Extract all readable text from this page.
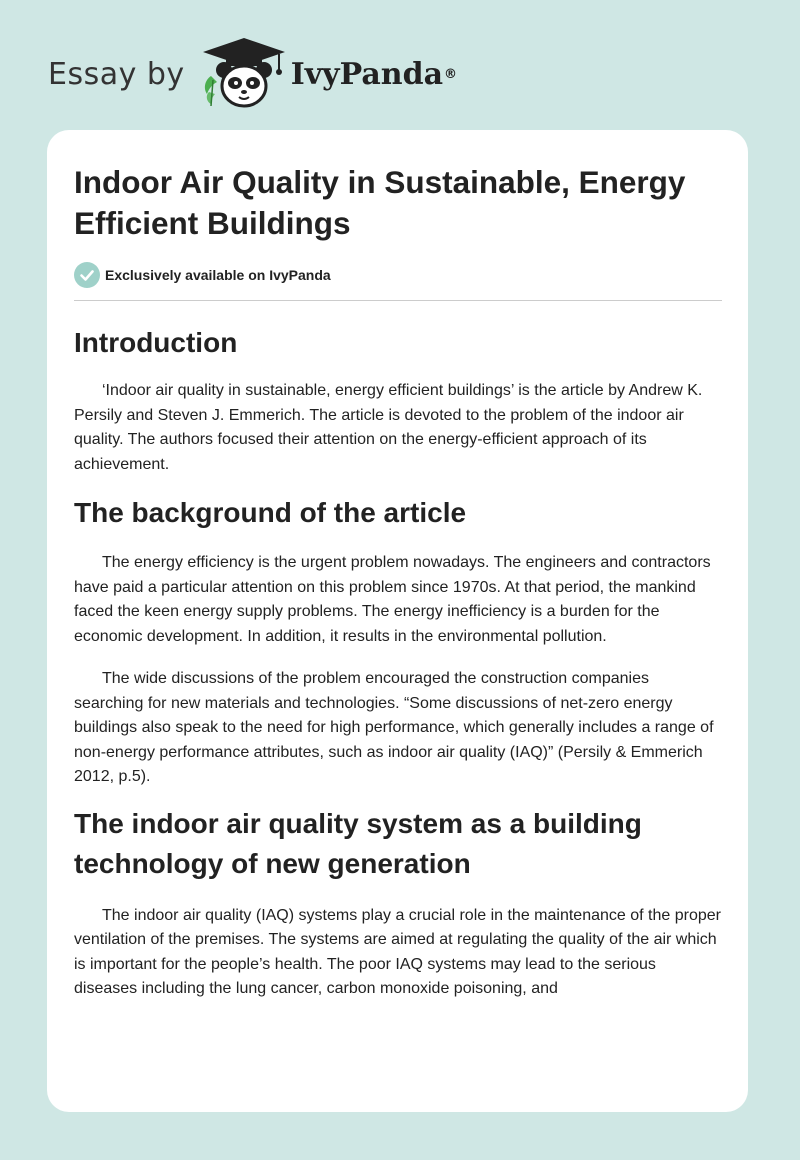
Essay by	IvyPanda ®
Indoor Air Quality in Sustainable, Energy Efficient Buildings
Exclusively available on IvyPanda
Introduction

‘Indoor air quality in sustainable, energy efficient buildings’ is the article by Andrew K. Persily and Steven J. Emmerich. The article is devoted to the problem of the indoor air quality. The authors focused their attention on the energy-efficient approach of its achievement.

The background of the article

The energy efficiency is the urgent problem nowadays. The engineers and contractors have paid a particular attention on this problem since 1970s. At that period, the mankind faced the keen energy supply problems. The energy inefficiency is a burden for the economic development. In addition, it results in the environmental pollution.

The wide discussions of the problem encouraged the construction companies searching for new materials and technologies. “Some discussions of net-zero energy buildings also speak to the need for high performance, which generally includes a range of non-energy performance attributes, such as indoor air quality (IAQ)” (Persily & Emmerich 2012, p.5).

The indoor air quality system as a building technology of new generation

The indoor air quality (IAQ) systems play a crucial role in the maintenance of the proper ventilation of the premises. The systems are aimed at regulating the quality of the air which is important for the people’s health. The poor IAQ systems may lead to the serious diseases including the lung cancer, carbon monoxide poisoning, and
